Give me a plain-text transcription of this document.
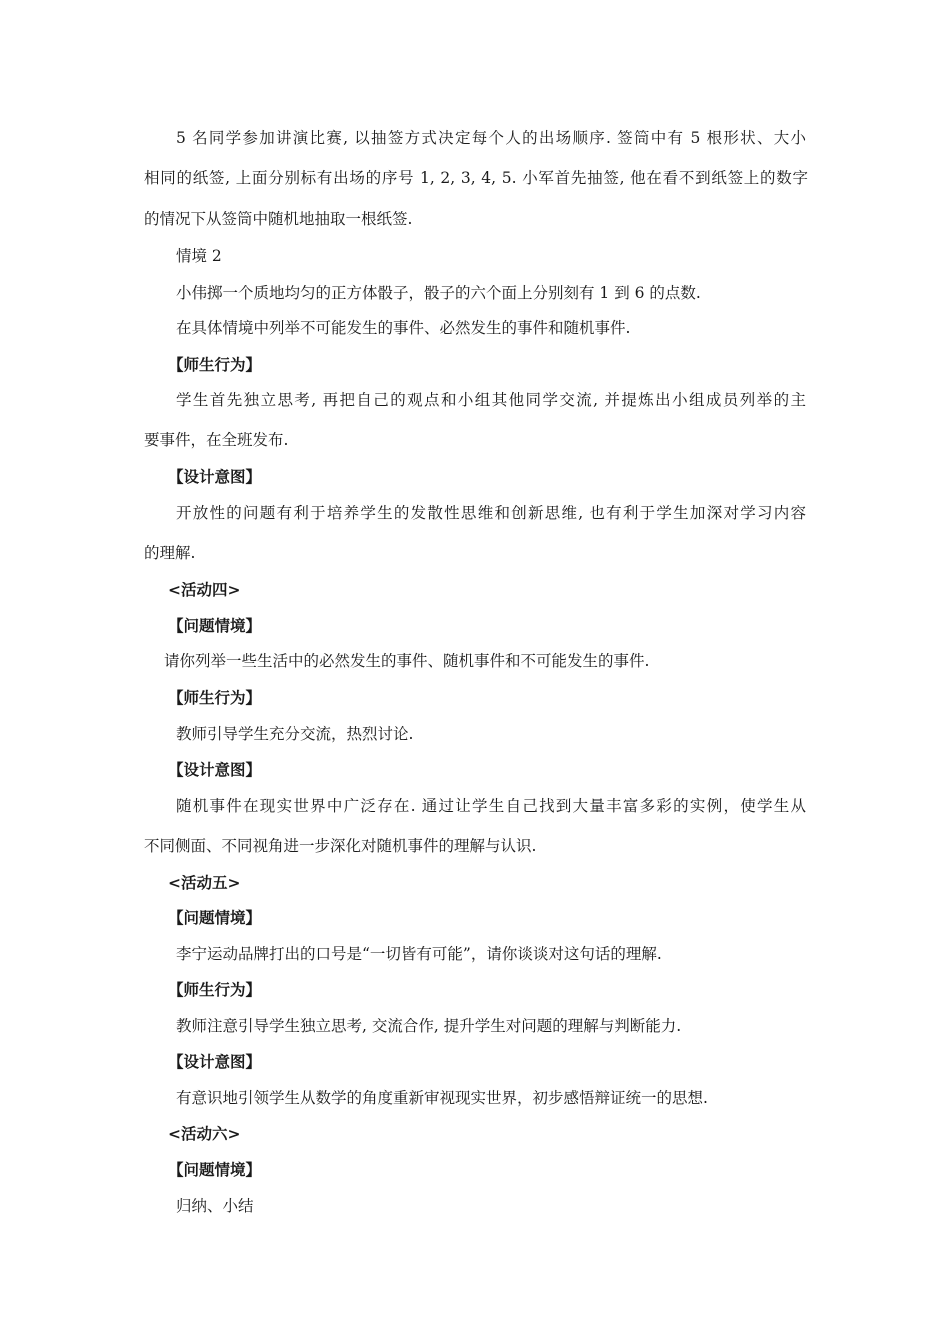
5 名同学参加讲演比赛, 以抽签方式决定每个人的出场顺序. 签筒中有 5 根形状、大小
相同的纸签, 上面分别标有出场的序号 1, 2, 3, 4, 5. 小军首先抽签, 他在看不到纸签上的数字
的情况下从签筒中随机地抽取一根纸签.
情境 2
小伟掷一个质地均匀的正方体骰子，骰子的六个面上分别刻有 1 到 6 的点数.
在具体情境中列举不可能发生的事件、必然发生的事件和随机事件.
【师生行为】
学生首先独立思考, 再把自己的观点和小组其他同学交流, 并提炼出小组成员列举的主
要事件，在全班发布.
【设计意图】
开放性的问题有利于培养学生的发散性思维和创新思维, 也有利于学生加深对学习内容
的理解.
<活动四>
【问题情境】
请你列举一些生活中的必然发生的事件、随机事件和不可能发生的事件.
【师生行为】
教师引导学生充分交流，热烈讨论.
【设计意图】
随机事件在现实世界中广泛存在. 通过让学生自己找到大量丰富多彩的实例，使学生从
不同侧面、不同视角进一步深化对随机事件的理解与认识.
<活动五>
【问题情境】
李宁运动品牌打出的口号是“一切皆有可能”，请你谈谈对这句话的理解.
【师生行为】
教师注意引导学生独立思考, 交流合作, 提升学生对问题的理解与判断能力.
【设计意图】
有意识地引领学生从数学的角度重新审视现实世界，初步感悟辩证统一的思想.
<活动六>
【问题情境】
归纳、小结
